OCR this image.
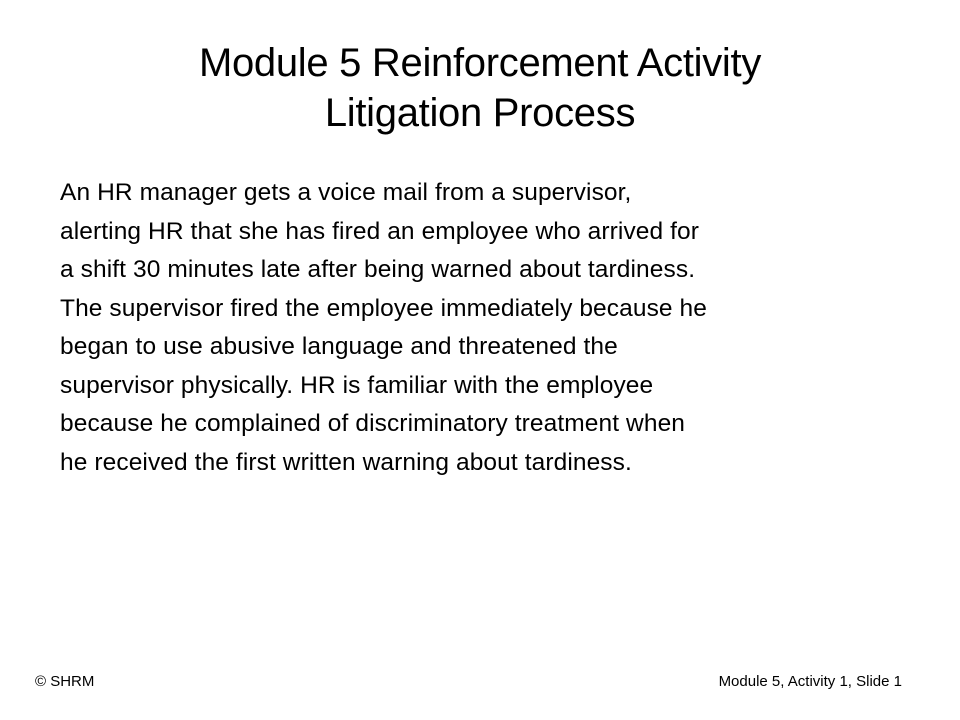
Module 5 Reinforcement Activity
Litigation Process
An HR manager gets a voice mail from a supervisor,
alerting HR that she has fired an employee who arrived for
a shift 30 minutes late after being warned about tardiness.
The supervisor fired the employee immediately because he
began to use abusive language and threatened the
supervisor physically. HR is familiar with the employee
because he complained of discriminatory treatment when
he received the first written warning about tardiness.
© SHRM	Module 5, Activity 1, Slide 1
